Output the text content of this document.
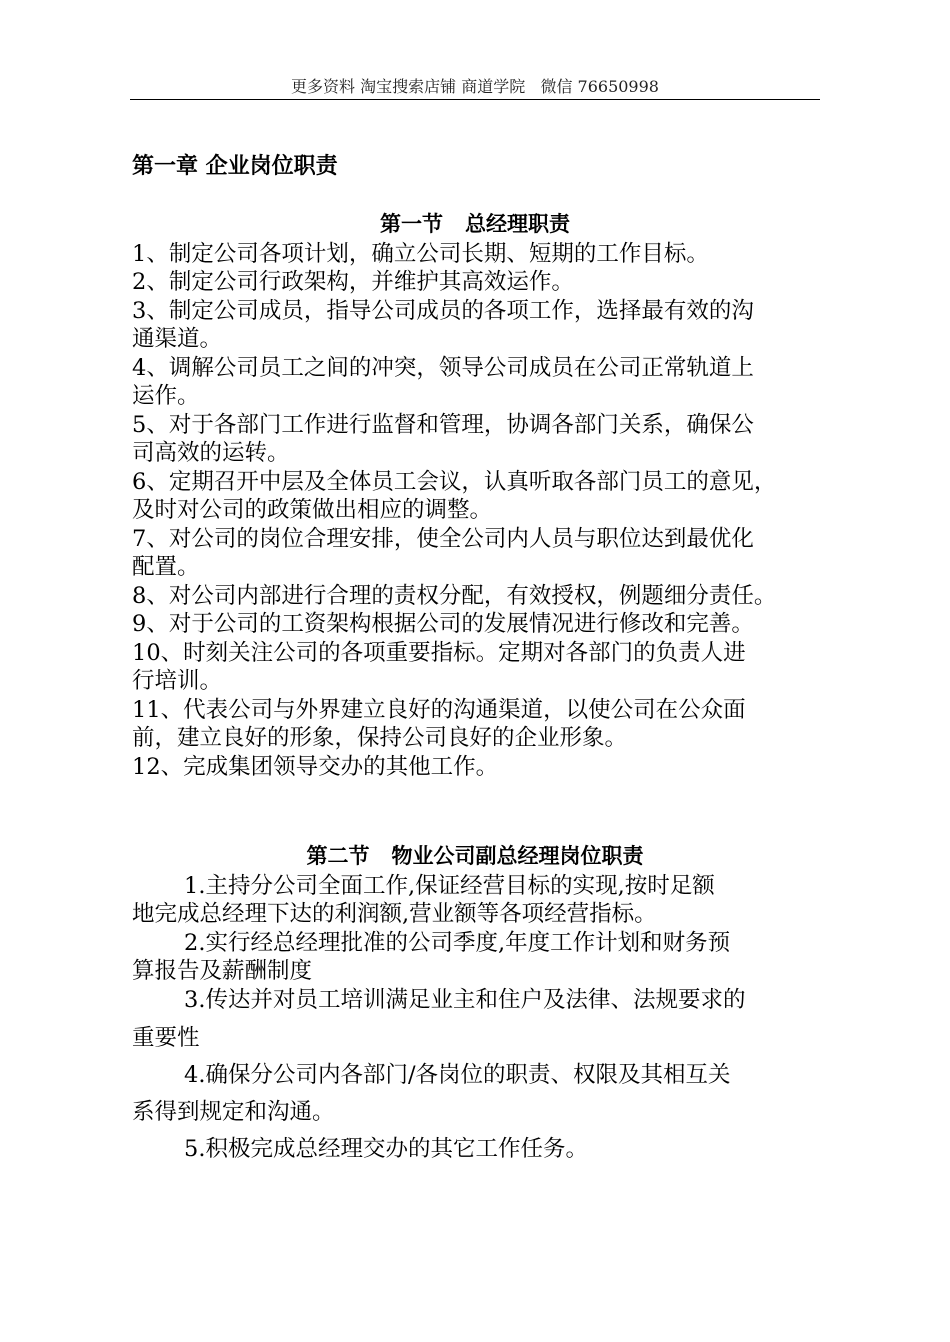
更多资料 淘宝搜索店铺 商道学院   微信 76650998
第一章 企业岗位职责
第一节   总经理职责
1、制定公司各项计划，确立公司长期、短期的工作目标。
2、制定公司行政架构，并维护其高效运作。
3、制定公司成员，指导公司成员的各项工作，选择最有效的沟
通渠道。
4、调解公司员工之间的冲突，领导公司成员在公司正常轨道上
运作。
5、对于各部门工作进行监督和管理，协调各部门关系，确保公
司高效的运转。
6、定期召开中层及全体员工会议，认真听取各部门员工的意见，
及时对公司的政策做出相应的调整。
7、对公司的岗位合理安排，使全公司内人员与职位达到最优化
配置。
8、对公司内部进行合理的责权分配，有效授权，例题细分责任。
9、对于公司的工资架构根据公司的发展情况进行修改和完善。
10、时刻关注公司的各项重要指标。定期对各部门的负责人进
行培训。
11、代表公司与外界建立良好的沟通渠道，以使公司在公众面
前，建立良好的形象，保持公司良好的企业形象。
12、完成集团领导交办的其他工作。
第二节   物业公司副总经理岗位职责
1.主持分公司全面工作,保证经营目标的实现,按时足额
地完成总经理下达的利润额,营业额等各项经营指标。
2.实行经总经理批准的公司季度,年度工作计划和财务预
算报告及薪酬制度
3.传达并对员工培训满足业主和住户及法律、法规要求的
重要性
4.确保分公司内各部门/各岗位的职责、权限及其相互关
系得到规定和沟通。
5.积极完成总经理交办的其它工作任务。
